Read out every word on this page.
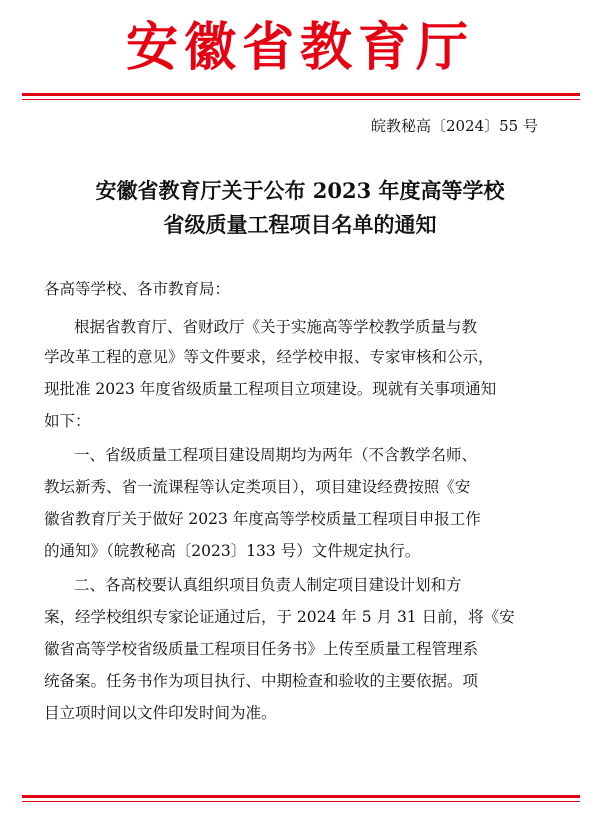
安徽省教育厅
皖教秘高〔2024〕55 号
安徽省教育厅关于公布 2023 年度高等学校
省级质量工程项目名单的通知
各高等学校、各市教育局：
根据省教育厅、省财政厅《关于实施高等学校教学质量与教
学改革工程的意见》等文件要求，经学校申报、专家审核和公示，
现批准 2023 年度省级质量工程项目立项建设。现就有关事项通知
如下：
一、省级质量工程项目建设周期均为两年（不含教学名师、
教坛新秀、省一流课程等认定类项目），项目建设经费按照《安
徽省教育厅关于做好 2023 年度高等学校质量工程项目申报工作
的通知》（皖教秘高〔2023〕133 号）文件规定执行。
二、各高校要认真组织项目负责人制定项目建设计划和方
案，经学校组织专家论证通过后，于 2024 年 5 月 31 日前，将《安
徽省高等学校省级质量工程项目任务书》上传至质量工程管理系
统备案。任务书作为项目执行、中期检查和验收的主要依据。项
目立项时间以文件印发时间为准。
